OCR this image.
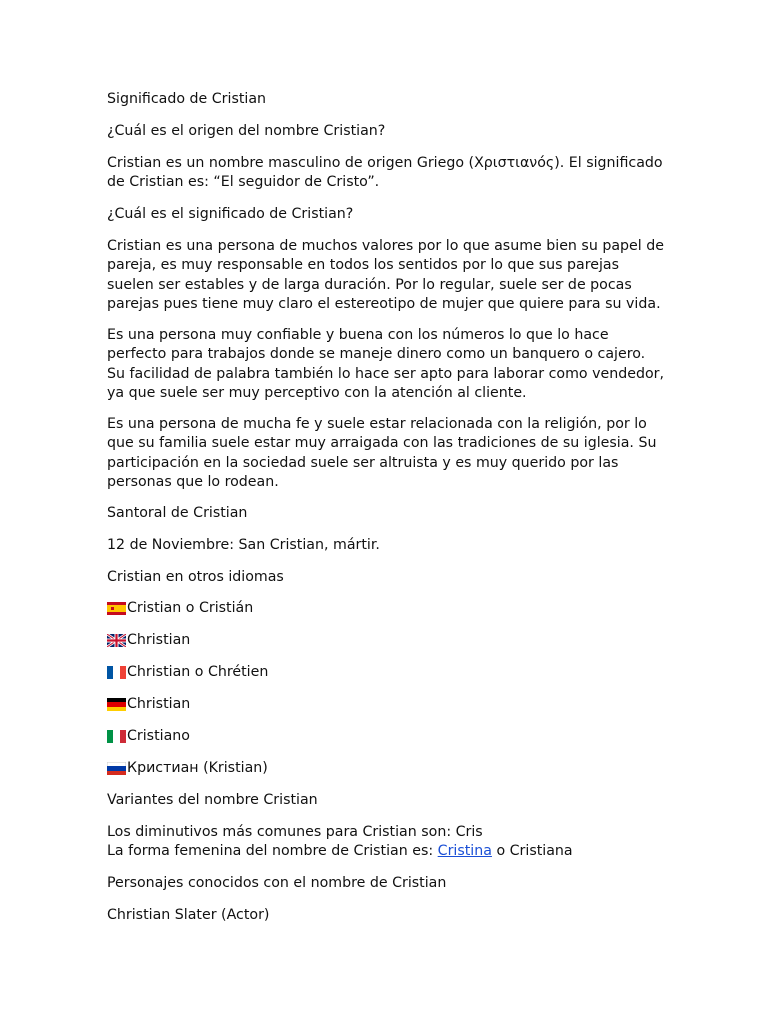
Significado de Cristian

¿Cuál es el origen del nombre Cristian?

Cristian es un nombre masculino de origen Griego (Χριστιανός). El significado de Cristian es: “El seguidor de Cristo”.

¿Cuál es el significado de Cristian?

Cristian es una persona de muchos valores por lo que asume bien su papel de pareja, es muy responsable en todos los sentidos por lo que sus parejas suelen ser estables y de larga duración. Por lo regular, suele ser de pocas parejas pues tiene muy claro el estereotipo de mujer que quiere para su vida.

Es una persona muy confiable y buena con los números lo que lo hace perfecto para trabajos donde se maneje dinero como un banquero o cajero. Su facilidad de palabra también lo hace ser apto para laborar como vendedor, ya que suele ser muy perceptivo con la atención al cliente.

Es una persona de mucha fe y suele estar relacionada con la religión, por lo que su familia suele estar muy arraigada con las tradiciones de su iglesia. Su participación en la sociedad suele ser altruista y es muy querido por las personas que lo rodean.

Santoral de Cristian

12 de Noviembre: San Cristian, mártir.

Cristian en otros idiomas

Cristian o Cristián
Christian
Christian o Chrétien
Christian
Cristiano
Кристиан (Kristian)

Variantes del nombre Cristian

Los diminutivos más comunes para Cristian son: Cris

La forma femenina del nombre de Cristian es: Cristina o Cristiana

Personajes conocidos con el nombre de Cristian

Christian Slater (Actor)
